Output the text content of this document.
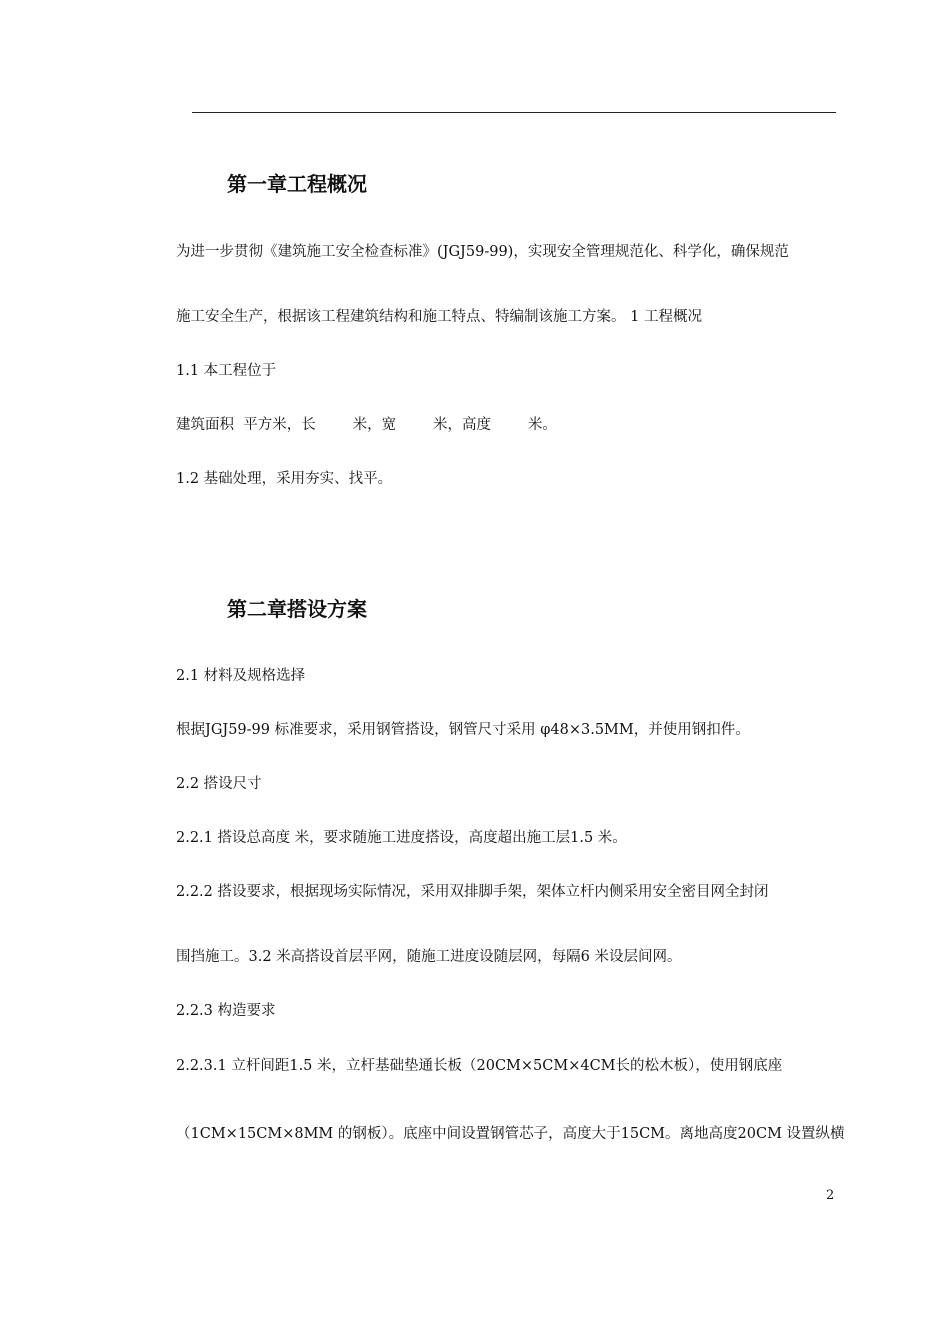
第一章工程概况
为进一步贯彻《建筑施工安全检查标准》(JGJ59-99)，实现安全管理规范化、科学化，确保规范
施工安全生产，根据该工程建筑结构和施工特点、特编制该施工方案。 1 工程概况
1.1 本工程位于
建筑面积  平方米，长        米，宽        米，高度        米。
1.2 基础处理，采用夯实、找平。
第二章搭设方案
2.1 材料及规格选择
根据JGJ59-99 标准要求，采用钢管搭设，钢管尺寸采用 φ48×3.5MM，并使用钢扣件。
2.2 搭设尺寸
2.2.1 搭设总高度 米，要求随施工进度搭设，高度超出施工层1.5 米。
2.2.2 搭设要求，根据现场实际情况，采用双排脚手架，架体立杆内侧采用安全密目网全封闭
围挡施工。3.2 米高搭设首层平网，随施工进度设随层网，每隔6 米设层间网。
2.2.3 构造要求
2.2.3.1 立杆间距1.5 米，立杆基础垫通长板（20CM×5CM×4CM长的松木板），使用钢底座
（1CM×15CM×8MM 的钢板）。底座中间设置钢管芯子，高度大于15CM。离地高度20CM 设置纵横
2
